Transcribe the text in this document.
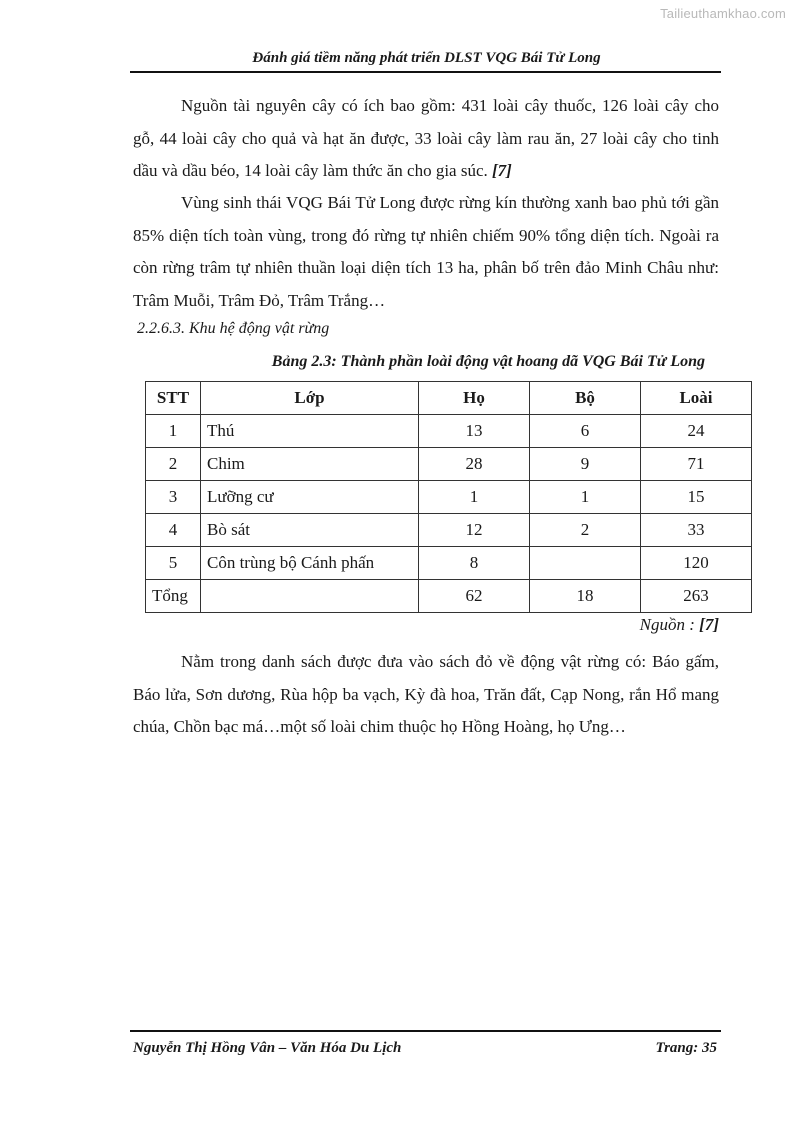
Tailieuthamkhao.com
Đánh giá tiềm năng phát triển DLST VQG Bái Tử Long

Nguồn tài nguyên cây có ích bao gồm: 431 loài cây thuốc, 126 loài cây cho gỗ, 44 loài cây cho quả và hạt ăn được, 33 loài cây làm rau ăn, 27 loài cây cho tinh dầu và dầu béo, 14 loài cây làm thức ăn cho gia súc. [7]

Vùng sinh thái VQG Bái Tử Long được rừng kín thường xanh bao phủ tới gần 85% diện tích toàn vùng, trong đó rừng tự nhiên chiếm 90% tổng diện tích. Ngoài ra còn rừng trâm tự nhiên thuần loại diện tích 13 ha, phân bố trên đảo Minh Châu như: Trâm Muỗi, Trâm Đỏ, Trâm Trắng…

2.2.6.3. Khu hệ động vật rừng
Bảng 2.3: Thành phần loài động vật hoang dã VQG Bái Tử Long
STT	Lớp	Họ	Bộ	Loài
1	Thú	13	6	24
2	Chim	28	9	71
3	Lưỡng cư	1	1	15
4	Bò sát	12	2	33
5	Côn trùng bộ Cánh phấn	8		120
Tổng		62	18	263
Nguồn : [7]

Nằm trong danh sách được đưa vào sách đỏ về động vật rừng có: Báo gấm, Báo lửa, Sơn dương, Rùa hộp ba vạch, Kỳ đà hoa, Trăn đất, Cạp Nong, rắn Hổ mang chúa, Chồn bạc má…một số loài chim thuộc họ Hồng Hoàng, họ Ưng…

Nguyễn Thị Hồng Vân – Văn Hóa Du Lịch	Trang: 35
